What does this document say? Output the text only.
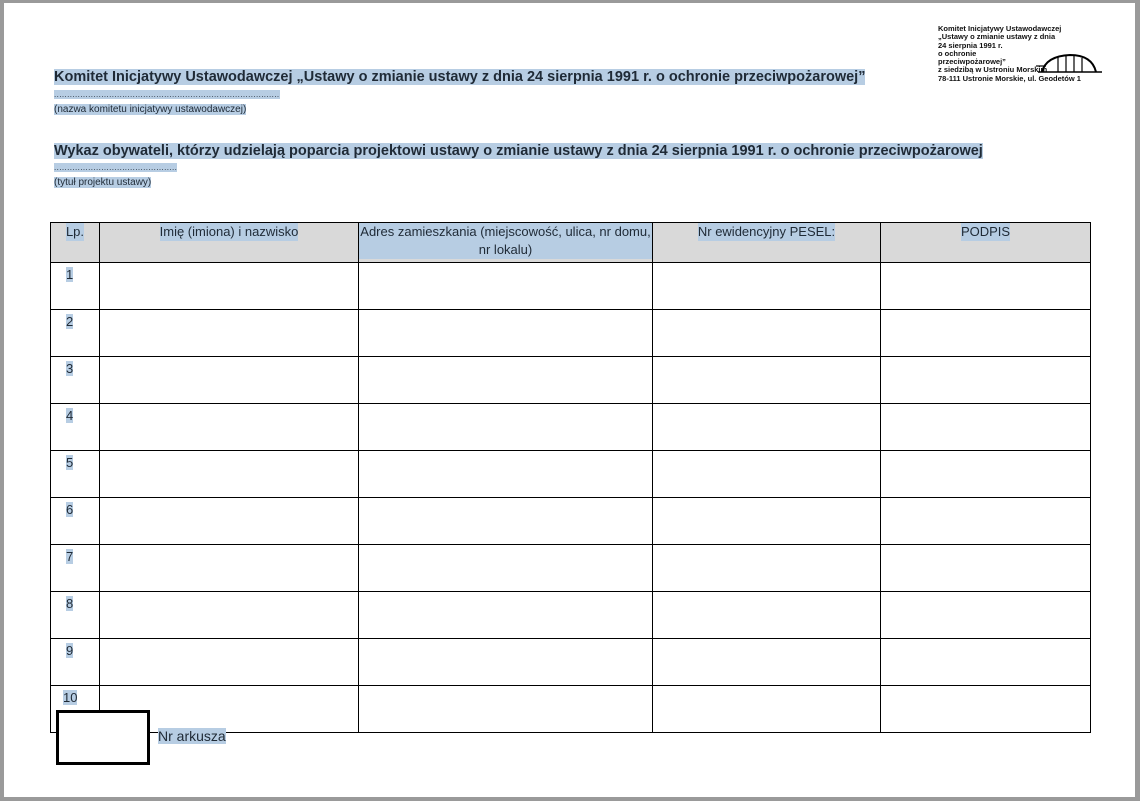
Komitet Inicjatywy Ustawodawczej
„Ustawy o zmianie ustawy z dnia
24 sierpnia 1991 r.
o ochronie
przeciwpożarowej”
z siedzibą w Ustroniu Morskim
78-111 Ustronie Morskie, ul. Geodetów 1
Komitet Inicjatywy Ustawodawczej „Ustawy o zmianie ustawy z dnia 24 sierpnia 1991 r. o ochronie przeciwpożarowej”
......................................................................................
(nazwa komitetu inicjatywy ustawodawczej)
Wykaz obywateli, którzy udzielają poparcia projektowi ustawy o zmianie ustawy z dnia 24 sierpnia 1991 r. o ochronie przeciwpożarowej
...............................................
(tytuł projektu ustawy)
Lp.	Imię (imiona) i nazwisko	Adres zamieszkania (miejscowość, ulica, nr domu, nr lokalu)	Nr ewidencyjny PESEL:	PODPIS
1				
2				
3				
4				
5				
6				
7				
8				
9				
10				
Nr arkusza
